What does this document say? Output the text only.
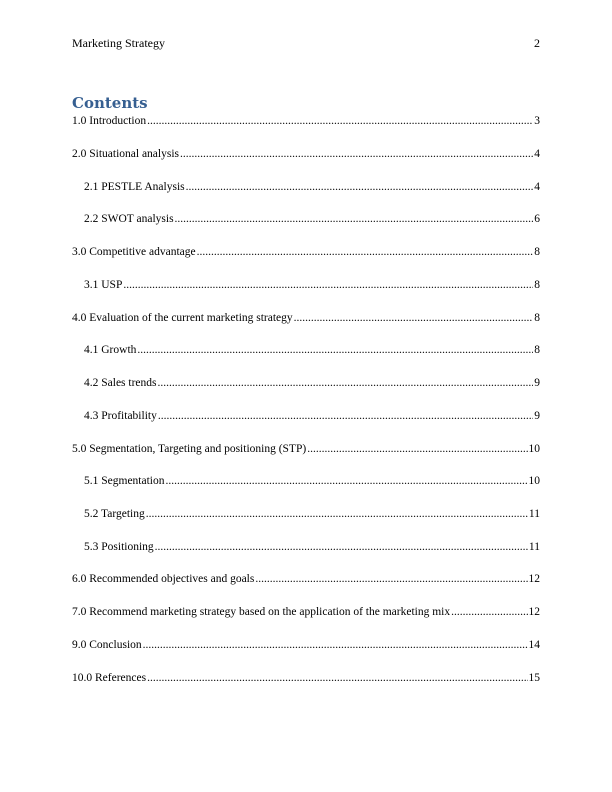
Marketing Strategy	2
Contents
1.0 Introduction .....	3
2.0 Situational analysis .....	4
2.1 PESTLE Analysis .....	4
2.2 SWOT analysis .....	6
3.0 Competitive advantage .....	8
3.1 USP .....	8
4.0 Evaluation of the current marketing strategy .....	8
4.1 Growth .....	8
4.2 Sales trends .....	9
4.3 Profitability .....	9
5.0 Segmentation, Targeting and positioning (STP) .....	10
5.1 Segmentation .....	10
5.2 Targeting .....	11
5.3 Positioning .....	11
6.0 Recommended objectives and goals .....	12
7.0 Recommend marketing strategy based on the application of the marketing mix .....	12
9.0 Conclusion .....	14
10.0 References .....	15
